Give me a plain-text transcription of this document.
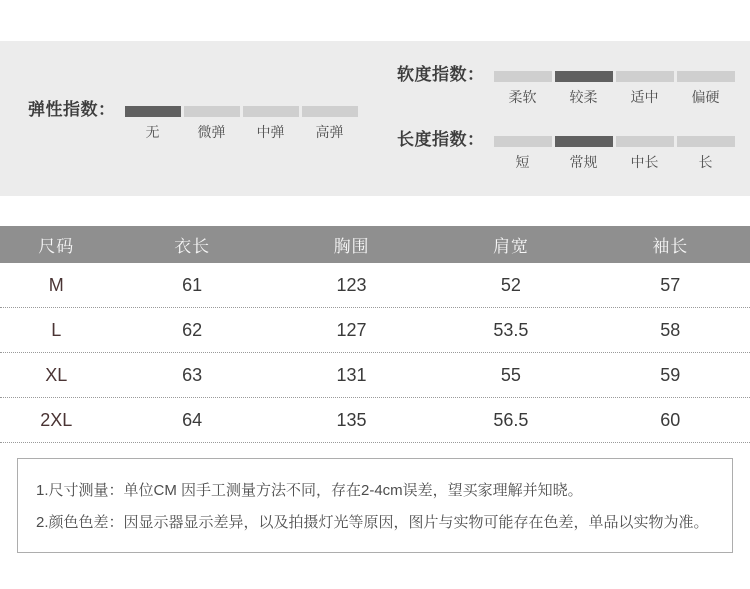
弹性指数：
无	微弹	中弹	高弹
软度指数：
柔软	较柔	适中	偏硬
长度指数：
短	常规	中长	长
尺码	衣长	胸围	肩宽	袖长
M	61	123	52	57
L	62	127	53.5	58
XL	63	131	55	59
2XL	64	135	56.5	60
1.尺寸测量：单位CM 因手工测量方法不同，存在2-4cm误差，望买家理解并知晓。
2.颜色色差：因显示器显示差异，以及拍摄灯光等原因，图片与实物可能存在色差，单品以实物为准。
